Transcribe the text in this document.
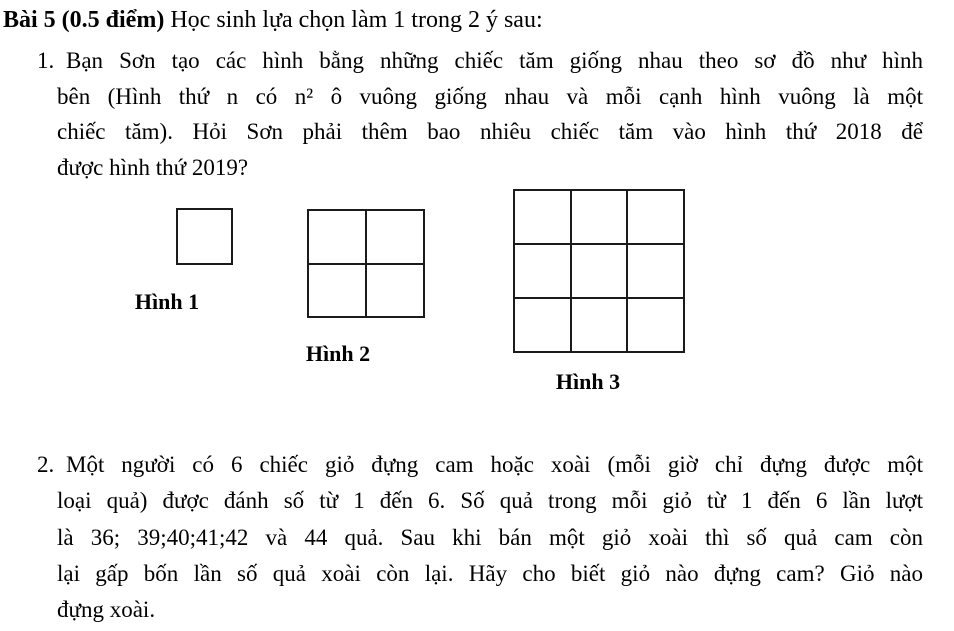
Bài 5 (0.5 điểm) Học sinh lựa chọn làm 1 trong 2 ý sau:
1. Bạn Sơn tạo các hình bằng những chiếc tăm giống nhau theo sơ đồ như hình
bên (Hình thứ n có n² ô vuông giống nhau và mỗi cạnh hình vuông là một
chiếc tăm). Hỏi Sơn phải thêm bao nhiêu chiếc tăm vào hình thứ 2018 để
được hình thứ 2019?
Hình 1
Hình 2
Hình 3
2. Một người có 6 chiếc giỏ đựng cam hoặc xoài (mỗi giờ chỉ đựng được một
loại quả) được đánh số từ 1 đến 6. Số quả trong mỗi giỏ từ 1 đến 6 lần lượt
là 36; 39;40;41;42 và 44 quả. Sau khi bán một giỏ xoài thì số quả cam còn
lại gấp bốn lần số quả xoài còn lại. Hãy cho biết giỏ nào đựng cam? Giỏ nào
đựng xoài.
